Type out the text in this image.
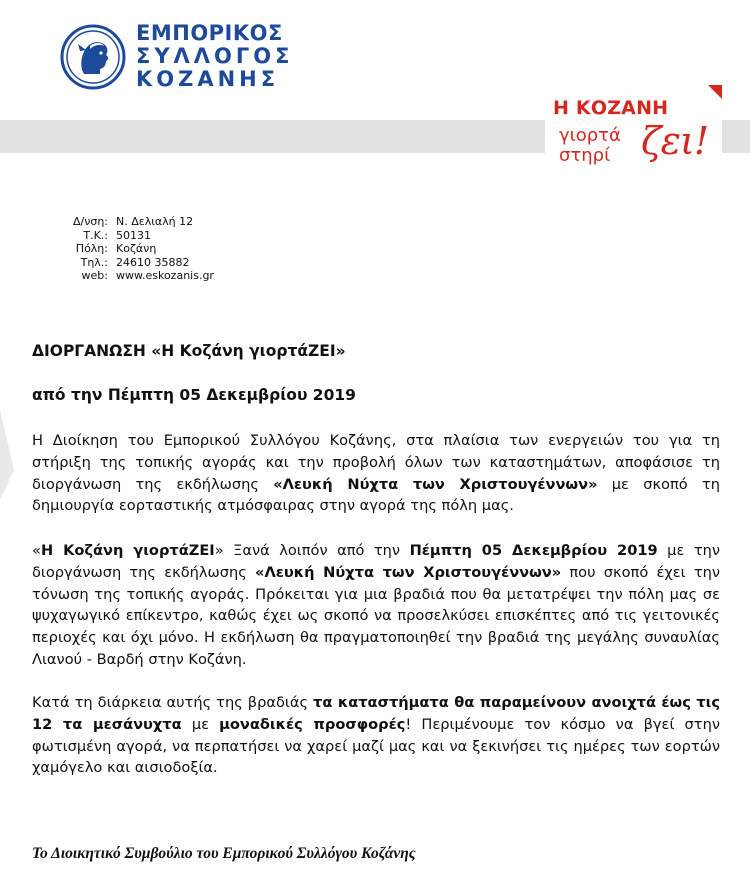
ΕΜΠΟΡΙΚΟΣ
ΣΥΛΛΟΓΟΣ
ΚΟΖΑΝΗΣ
Η ΚΟΖΑΝΗ
γιορτά
στηρί ζει!
Δ/νση:	Ν. Δελιαλή 12
Τ.Κ.:	50131
Πόλη:	Κοζάνη
Τηλ.:	24610 35882
web:	www.eskozanis.gr
ΔΙΟΡΓΑΝΩΣΗ «Η Κοζάνη γιορτάΖΕΙ»
από την Πέμπτη 05 Δεκεμβρίου 2019
Η Διοίκηση του Εμπορικού Συλλόγου Κοζάνης, στα πλαίσια των ενεργειών του για τη στήριξη της τοπικής αγοράς και την προβολή όλων των καταστημάτων, αποφάσισε τη διοργάνωση της εκδήλωσης «Λευκή Νύχτα των Χριστουγέννων» με σκοπό τη δημιουργία εορταστικής ατμόσφαιρας στην αγορά της πόλη μας.
«Η Κοζάνη γιορτάΖΕΙ» Ξανά λοιπόν από την Πέμπτη 05 Δεκεμβρίου 2019 με την διοργάνωση της εκδήλωσης «Λευκή Νύχτα των Χριστουγέννων» που σκοπό έχει την τόνωση της τοπικής αγοράς. Πρόκειται για μια βραδιά που θα μετατρέψει την πόλη μας σε ψυχαγωγικό επίκεντρο, καθώς έχει ως σκοπό να προσελκύσει επισκέπτες από τις γειτονικές περιοχές και όχι μόνο. Η εκδήλωση θα πραγματοποιηθεί την βραδιά της μεγάλης συναυλίας Λιανού - Βαρδή στην Κοζάνη.
Κατά τη διάρκεια αυτής της βραδιάς τα καταστήματα θα παραμείνουν ανοιχτά έως τις 12 τα μεσάνυχτα με μοναδικές προσφορές! Περιμένουμε τον κόσμο να βγεί στην φωτισμένη αγορά, να περπατήσει να χαρεί μαζί μας και να ξεκινήσει τις ημέρες των εορτών χαμόγελο και αισιοδοξία.
Το Διοικητικό Συμβούλιο του Εμπορικού Συλλόγου Κοζάνης
